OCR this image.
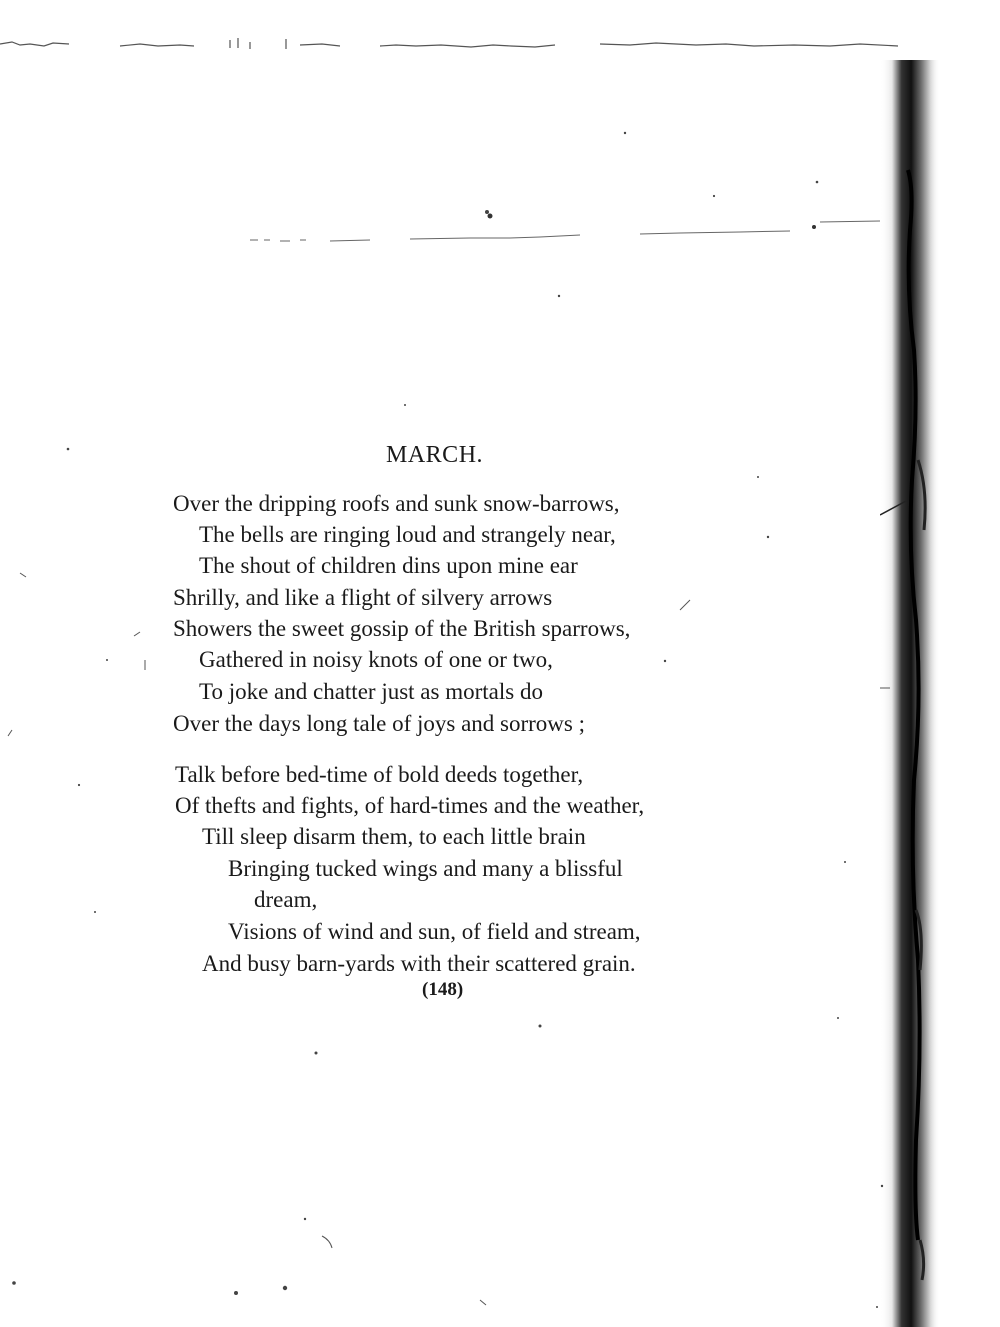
MARCH.
Over the dripping roofs and sunk snow-barrows,
The bells are ringing loud and strangely near,
The shout of children dins upon mine ear
Shrilly, and like a flight of silvery arrows
Showers the sweet gossip of the British sparrows,
Gathered in noisy knots of one or two,
To joke and chatter just as mortals do
Over the days long tale of joys and sorrows ;
Talk before bed-time of bold deeds together,
Of thefts and fights, of hard-times and the weather,
Till sleep disarm them, to each little brain
Bringing tucked wings and many a blissful
dream,
Visions of wind and sun, of field and stream,
And busy barn-yards with their scattered grain.
(148)
